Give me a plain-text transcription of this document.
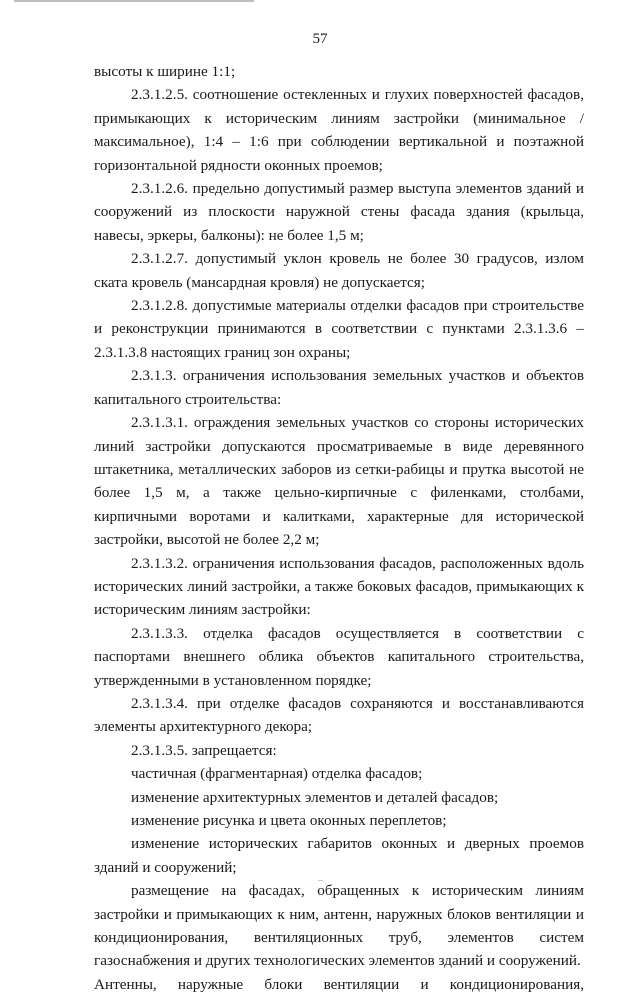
57

высоты к ширине 1:1;

2.3.1.2.5. соотношение остекленных и глухих поверхностей фасадов, примыкающих к историческим линиям застройки (минимальное / максимальное), 1:4 – 1:6 при соблюдении вертикальной и поэтажной горизонтальной рядности оконных проемов;

2.3.1.2.6. предельно допустимый размер выступа элементов зданий и сооружений из плоскости наружной стены фасада здания (крыльца, навесы, эркеры, балконы): не более 1,5 м;

2.3.1.2.7. допустимый уклон кровель не более 30 градусов, излом ската кровель (мансардная кровля) не допускается;

2.3.1.2.8. допустимые материалы отделки фасадов при строительстве и реконструкции принимаются в соответствии с пунктами 2.3.1.3.6 – 2.3.1.3.8 настоящих границ зон охраны;

2.3.1.3. ограничения использования земельных участков и объектов капитального строительства:

2.3.1.3.1. ограждения земельных участков со стороны исторических линий застройки допускаются просматриваемые в виде деревянного штакетника, металлических заборов из сетки-рабицы и прутка высотой не более 1,5 м, а также цельно-кирпичные с филенками, столбами, кирпичными воротами и калитками, характерные для исторической застройки, высотой не более 2,2 м;

2.3.1.3.2. ограничения использования фасадов, расположенных вдоль исторических линий застройки, а также боковых фасадов, примыкающих к историческим линиям застройки:

2.3.1.3.3. отделка фасадов осуществляется в соответствии с паспортами внешнего облика объектов капитального строительства, утвержденными в установленном порядке;

2.3.1.3.4. при отделке фасадов сохраняются и восстанавливаются элементы архитектурного декора;

2.3.1.3.5. запрещается:

частичная (фрагментарная) отделка фасадов;

изменение архитектурных элементов и деталей фасадов;

изменение рисунка и цвета оконных переплетов;

изменение исторических габаритов оконных и дверных проемов зданий и сооружений;

размещение на фасадах, обращенных к историческим линиям застройки и примыкающих к ним, антенн, наружных блоков вентиляции и кондиционирования, вентиляционных труб, элементов систем газоснабжения и других технологических элементов зданий и сооружений.

Антенны, наружные блоки вентиляции и кондиционирования,
